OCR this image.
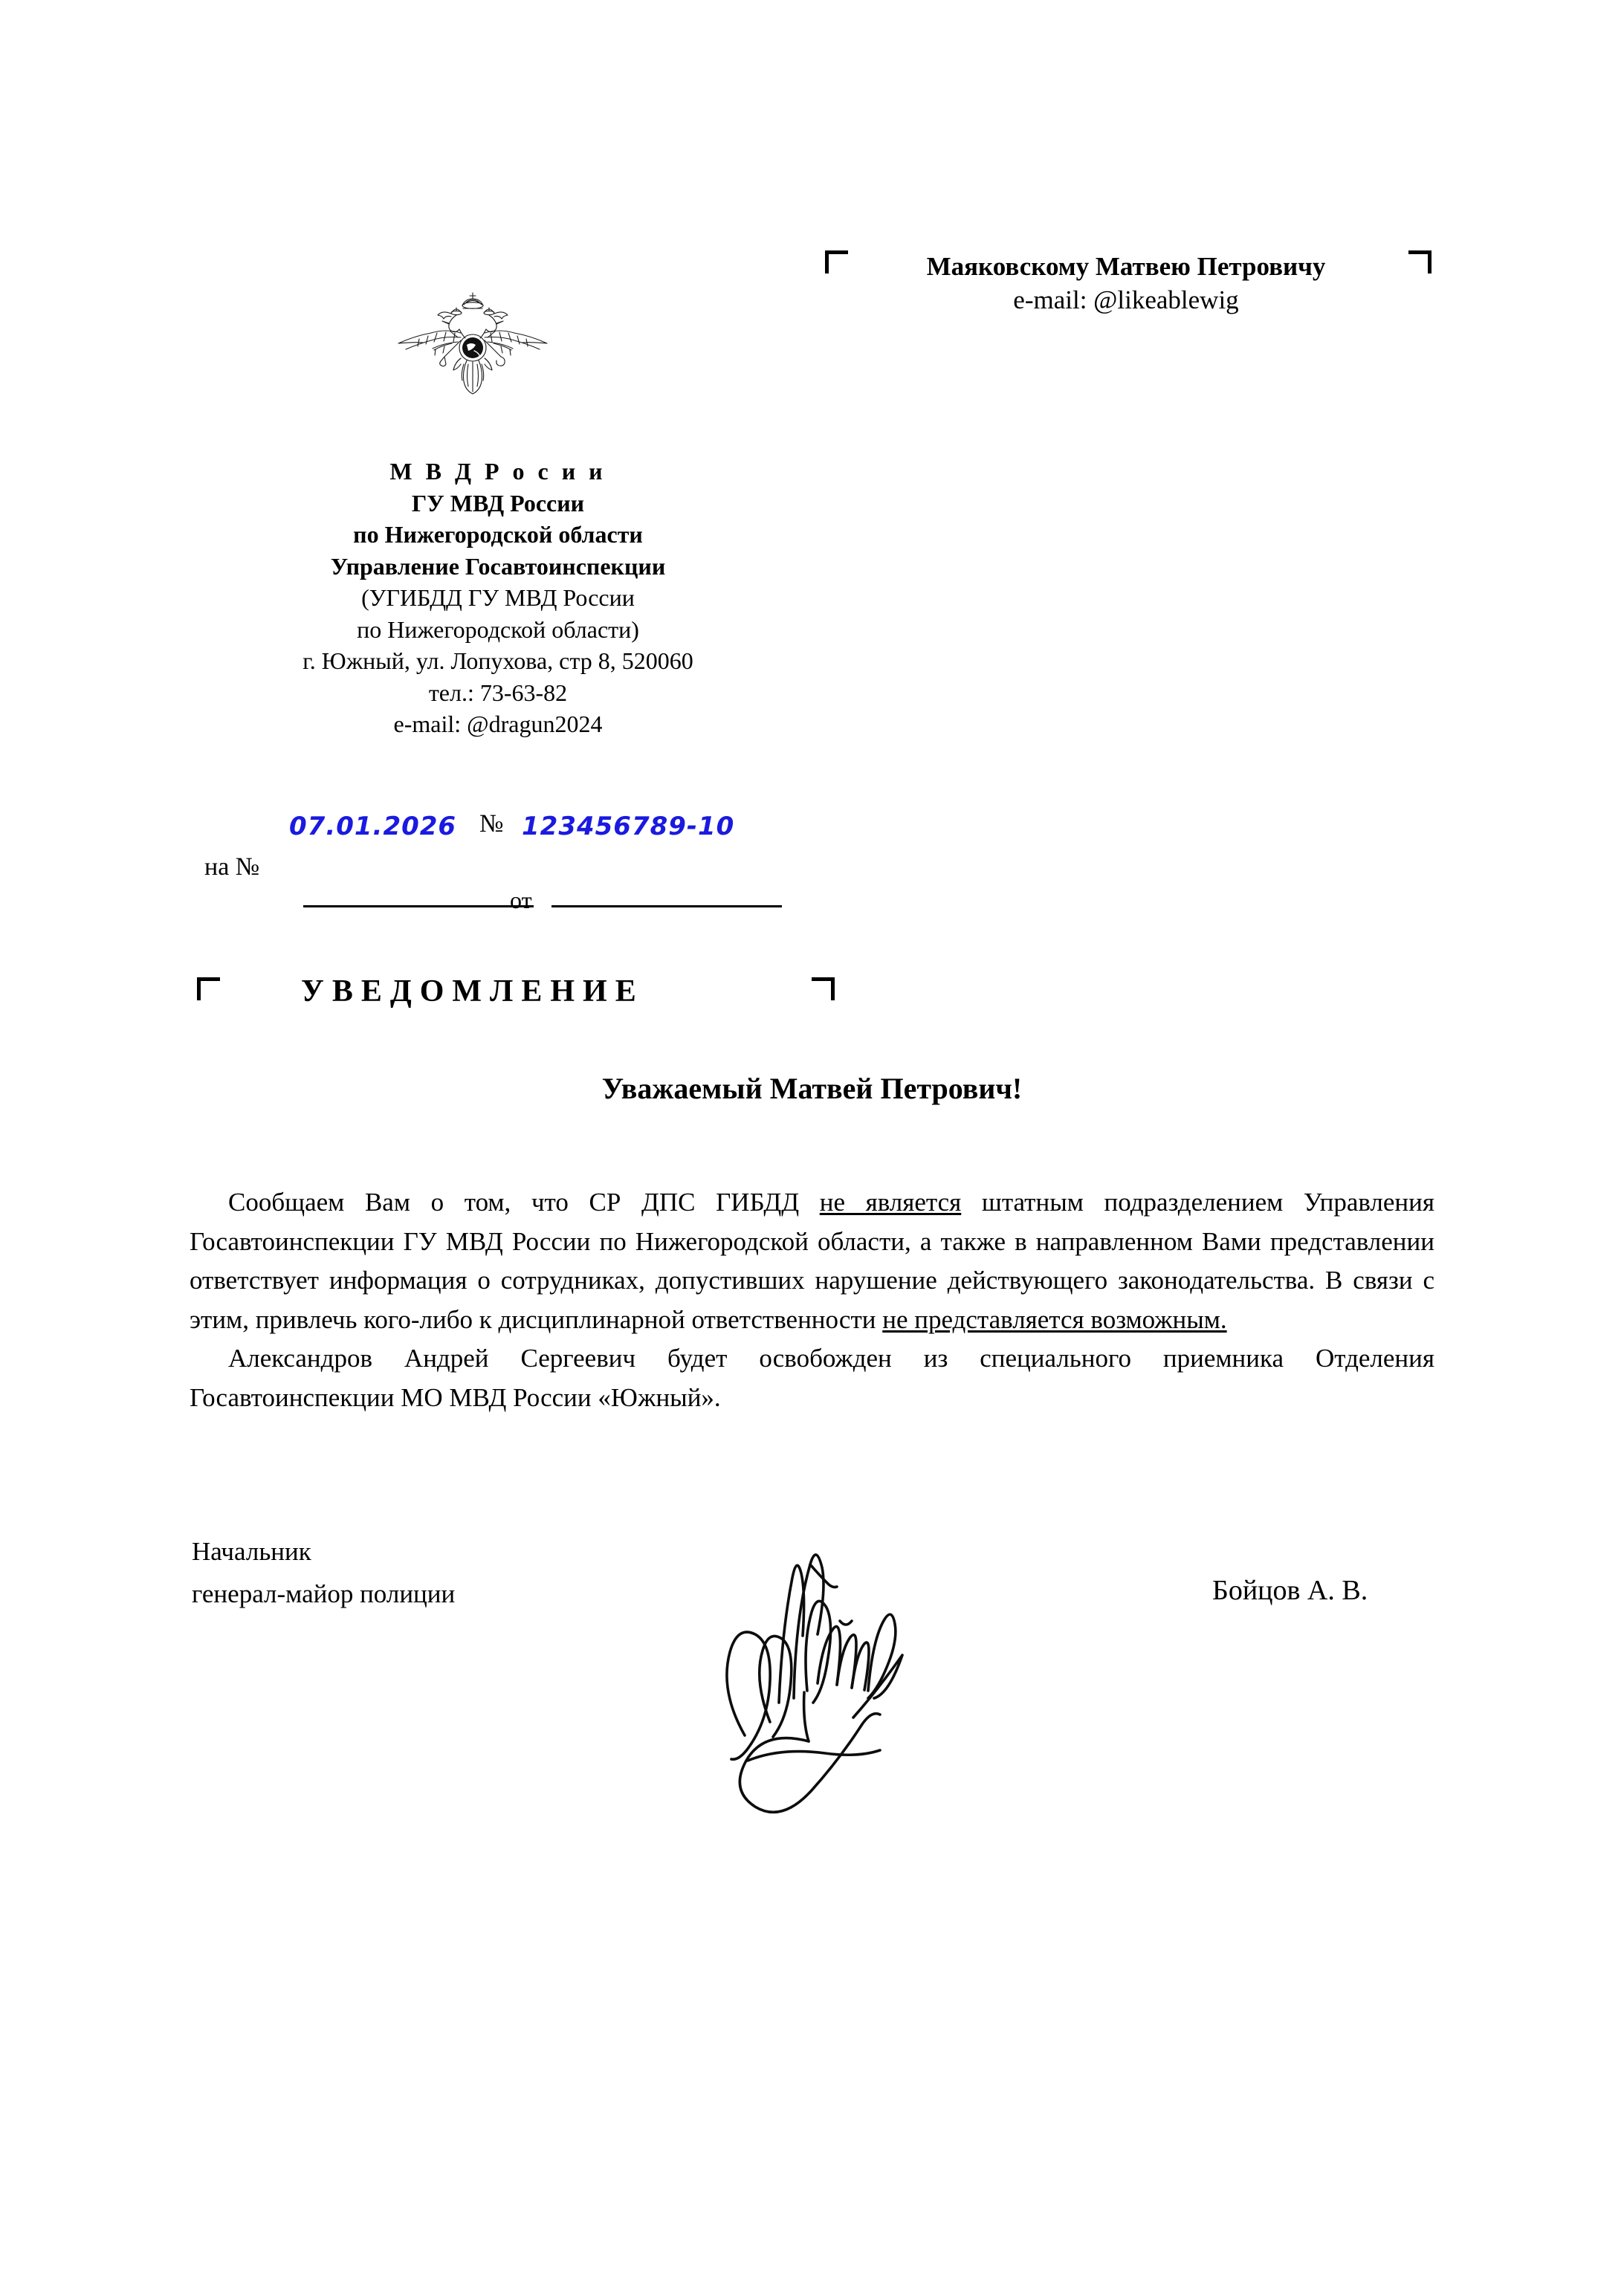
Маяковскому Матвею Петровичу
e-mail: @likeablewig
М В Д Р о с и и
ГУ МВД России
по Нижегородской области
Управление Госавтоинспекции
(УГИБДД ГУ МВД России
по Нижегородской области)
г. Южный, ул. Лопухова, стр 8, 520060
тел.: 73-63-82
e-mail: @dragun2024
07.01.2026 № 123456789-10
на №
от
УВЕДОМЛЕНИЕ
Уважаемый Матвей Петрович!

Сообщаем Вам о том, что СР ДПС ГИБДД не является штатным подразделением Управления Госавтоинспекции ГУ МВД России по Нижегородской области, а также в направленном Вами представлении ответствует информация о сотрудниках, допустивших нарушение действующего законодательства. В связи с этим, привлечь кого-либо к дисциплинарной ответственности не представляется возможным.

Александров Андрей Сергеевич будет освобожден из специального приемника Отделения Госавтоинспекции МО МВД России «Южный».

Начальник
генерал-майор полиции	Бойцов А. В.
